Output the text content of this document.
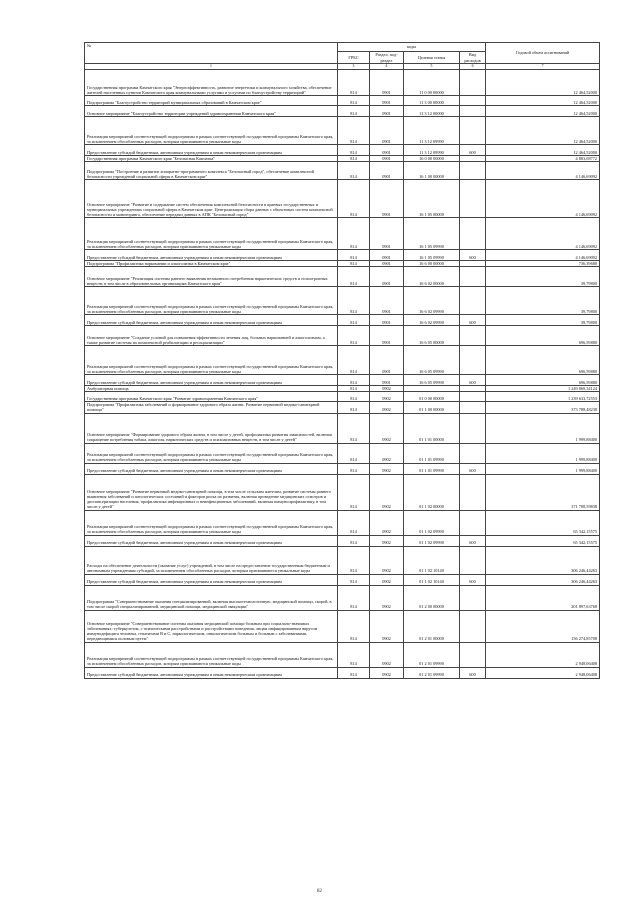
№	коды				Годовой объем ассигнований
	ГРБС	Раздел, под-раздел	Целевая статья	Вид расходов	
1	3	4	5	6	7
Государственная программа Камчатского края "Энергоэффективность, развитие энергетики и коммунального хозяйства, обеспечение жителей населенных пунктов Камчатского края коммунальными услугами и услугами по благоустройству территорий"	814	0901	11 0 00 00000		12 464,52000
Подпрограмма "Благоустройство территорий муниципальных образований в Камчатском крае"	814	0901	11 3 00 00000		12 464,52000
Основное мероприятие "Благоустройство территории учреждений здравоохранения Камчатского края"	814	0901	11 3 12 00000		12 464,52000
Реализация мероприятий соответствующей подпрограммы в рамках соответствующей государственной программы Камчатского края, за исключением обособленных расходов, которым присваиваются уникальные коды	814	0901	11 3 12 09990		12 464,52000
Предоставление субсидий бюджетным, автономным учреждениям и иным некоммерческим организациям	814	0901	11 3 12 09990	600	12 464,52000
Государственная программа Камчатского края "Безопасная Камчатка"	814	0901	16 0 00 00000		4 883,08772
Подпрограмма "Построение и развитие аппаратно-программного комплекса "Безопасный город", обеспечение комплексной безопасности учреждений социальной сферы в Камчатском крае"	814	0901	16 1 00 00000		4 146,69092
Основное мероприятие "Развитие и содержание систем обеспечения комплексной безопасности в краевых государственных и муниципальных учреждениях социальной сферы в Камчатском крае. Централизация сбора данных с объектовых систем комплексной безопасности и мониторинга, обеспечение передачи данных в АПК "Безопасный город"	814	0901	16 1 05 00000		4 146,69092
Реализация мероприятий соответствующей подпрограммы в рамках соответствующей государственной программы Камчатского края, за исключением обособленных расходов, которым присваиваются уникальные коды	814	0901	16 1 05 09990		4 146,69092
Предоставление субсидий бюджетным, автономным учреждениям и иным некоммерческим организациям	814	0901	16 1 05 09990	600	4 146,69092
Подпрограмма "Профилактика наркомании и алкоголизма в Камчатском крае"	814	0901	16 6 00 00000		736,39680
Основное мероприятие "Реализация системы раннего выявления незаконного потребления наркотических средств и психотропных веществ, в том числе в образовательных организациях Камчатского края"	814	0901	16 6 02 00000		39,79800
Реализация мероприятий соответствующей подпрограммы в рамках соответствующей государственной программы Камчатского края, за исключением обособленных расходов, которым присваиваются уникальные коды	814	0901	16 6 02 09990		39,79800
Предоставление субсидий бюджетным, автономным учреждениям и иным некоммерческим организациям	814	0901	16 6 02 09990	600	39,79800
Основное мероприятие "Создание условий для повышения эффективности лечения лиц, больных наркоманией и алкоголизмом, а также развитие системы их комплексной реабилитации и ресоциализации"	814	0901	16 6 05 00000		696,59880
Реализация мероприятий соответствующей подпрограммы в рамках соответствующей государственной программы Камчатского края, за исключением обособленных расходов, которым присваиваются уникальные коды	814	0901	16 6 05 09990		696,59880
Предоставление субсидий бюджетным, автономным учреждениям и иным некоммерческим организациям	814	0901	16 6 05 09990	600	696,59880
Амбулаторная помощь	814	0902			1 249 869,54124
Государственная программа Камчатского края "Развитие здравоохранения Камчатского края"	814	0902	01 0 00 00000		1 239 633,72553
Подпрограмма "Профилактика заболеваний и формирование здорового образа жизни. Развитие первичной медико-санитарной помощи"	814	0902	01 1 00 00000		373 788,48238
Основное мероприятие "Формирование здорового образа жизни, в том числе у детей, профилактика развития зависимостей, включая сокращение потребления табака, алкоголя, наркотических средств и психоактивных веществ, в том числе у детей"	814	0902	01 1 01 00000		1 999,88400
Реализация мероприятий соответствующей подпрограммы в рамках соответствующей государственной программы Камчатского края, за исключением обособленных расходов, которым присваиваются уникальные коды	814	0902	01 1 01 09990		1 999,88400
Предоставление субсидий бюджетным, автономным учреждениям и иным некоммерческим организациям	814	0902	01 1 01 09990	600	1 999,88400
Основное мероприятие "Развитие первичной медико-санитарной помощи, в том числе сельским жителям, развитие системы раннего выявления заболеваний и патологических состояний и факторов риска их развития, включая проведение медицинских осмотров и диспансеризации населения, профилактика инфекционных и неинфекционных заболеваний, включая иммунопрофилактику, в том числе у детей"	814	0902	01 1 02 00000		371 788,59838
Реализация мероприятий соответствующей подпрограммы в рамках соответствующей государственной программы Камчатского края, за исключением обособленных расходов, которым присваиваются уникальные коды	814	0902	01 1 02 09990		65 342,15575
Предоставление субсидий бюджетным, автономным учреждениям и иным некоммерческим организациям	814	0902	01 1 02 09990	600	65 342,15575
Расходы на обеспечение деятельности (оказание услуг) учреждений, в том числе на предоставление государственным бюджетным и автономным учреждениям субсидий, за исключением обособленных расходов, которым присваиваются уникальные коды	814	0902	01 1 02 10140		306 246,44263
Предоставление субсидий бюджетным, автономным учреждениям и иным некоммерческим организациям	814	0902	01 1 02 10140	600	306 246,44263
Подпрограмма "Совершенствование оказания специализированной, включая высокотехнологичную, медицинской помощи, скорой, в том числе скорой специализированной, медицинской помощи, медицинской эвакуации"	814	0902	01 2 00 00000		201 897,63768
Основное мероприятие "Совершенствование системы оказания медицинской помощи больным при социально-значимых заболеваниях: туберкулезом, с психическими расстройствами и расстройствами поведения, лицам инфицированным вирусом иммунодефицита человека, гепатитами B и C, наркологическим, онкологическим больным и больным с заболеваниями, передающимися половым путем"	814	0902	01 2 01 00000		156 274,85708
Реализация мероприятий соответствующей подпрограммы в рамках соответствующей государственной программы Камчатского края, за исключением обособленных расходов, которым присваиваются уникальные коды	814	0902	01 2 01 09990		2 948,06408
Предоставление субсидий бюджетным, автономным учреждениям и иным некоммерческим организациям	814	0902	01 2 01 09990	600	2 948,06408
82
